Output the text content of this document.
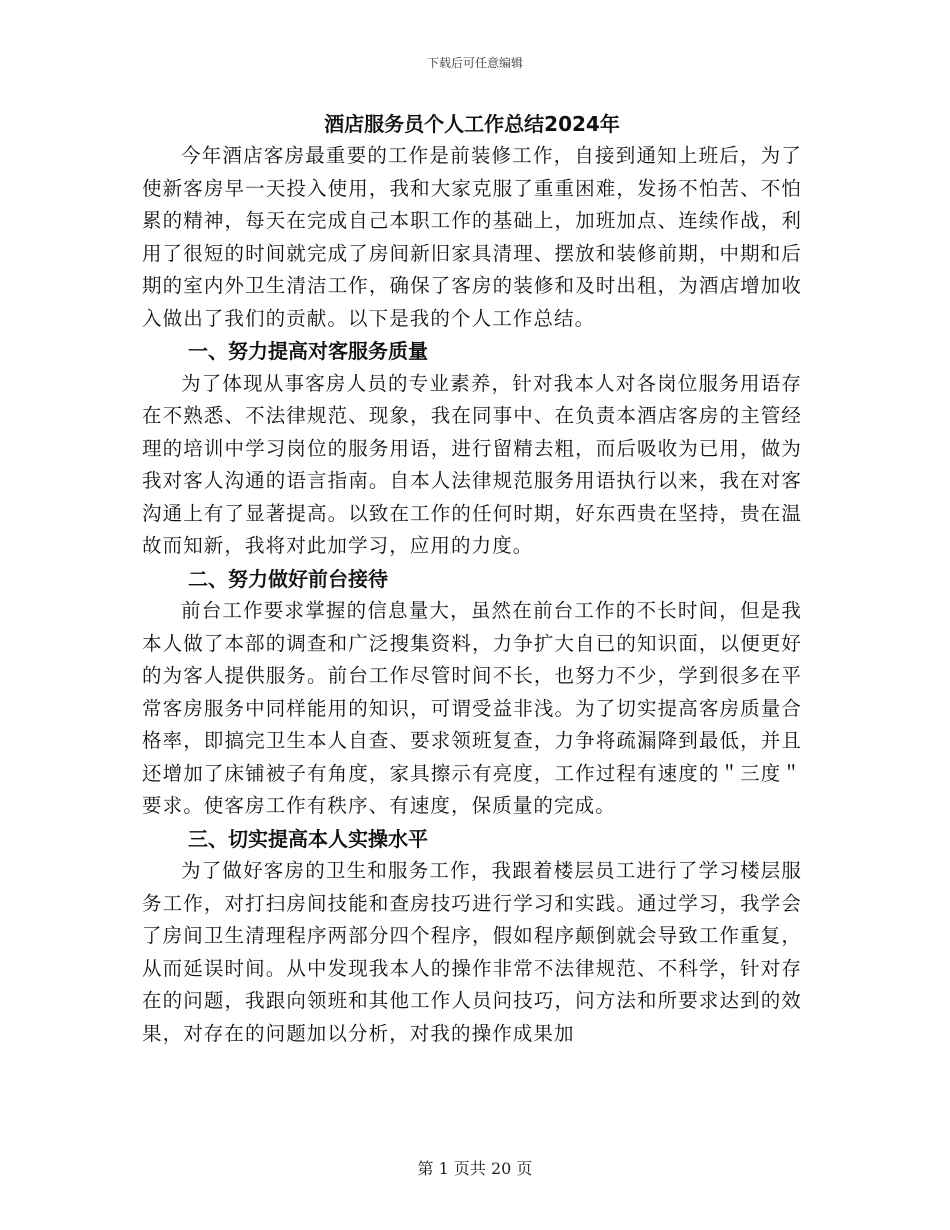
下载后可任意编辑
酒店服务员个人工作总结2024年

今年酒店客房最重要的工作是前装修工作，自接到通知上班后，为了使新客房早一天投入使用，我和大家克服了重重困难，发扬不怕苦、不怕累的精神，每天在完成自己本职工作的基础上，加班加点、连续作战，利用了很短的时间就完成了房间新旧家具清理、摆放和装修前期，中期和后期的室内外卫生清洁工作，确保了客房的装修和及时出租，为酒店增加收入做出了我们的贡献。以下是我的个人工作总结。

一、努力提高对客服务质量

为了体现从事客房人员的专业素养，针对我本人对各岗位服务用语存在不熟悉、不法律规范、现象，我在同事中、在负责本酒店客房的主管经理的培训中学习岗位的服务用语，进行留精去粗，而后吸收为已用，做为我对客人沟通的语言指南。自本人法律规范服务用语执行以来，我在对客沟通上有了显著提高。以致在工作的任何时期，好东西贵在坚持，贵在温故而知新，我将对此加学习，应用的力度。

二、努力做好前台接待

前台工作要求掌握的信息量大，虽然在前台工作的不长时间，但是我本人做了本部的调查和广泛搜集资料，力争扩大自已的知识面，以便更好的为客人提供服务。前台工作尽管时间不长，也努力不少，学到很多在平常客房服务中同样能用的知识，可谓受益非浅。为了切实提高客房质量合格率，即搞完卫生本人自查、要求领班复查，力争将疏漏降到最低，并且还增加了床铺被子有角度，家具擦示有亮度，工作过程有速度的＂三度＂要求。使客房工作有秩序、有速度，保质量的完成。

三、切实提高本人实操水平

为了做好客房的卫生和服务工作，我跟着楼层员工进行了学习楼层服务工作，对打扫房间技能和查房技巧进行学习和实践。通过学习，我学会了房间卫生清理程序两部分四个程序，假如程序颠倒就会导致工作重复，从而延误时间。从中发现我本人的操作非常不法律规范、不科学，针对存在的问题，我跟向领班和其他工作人员问技巧，问方法和所要求达到的效果，对存在的问题加以分析，对我的操作成果加

第 1 页共 20 页
